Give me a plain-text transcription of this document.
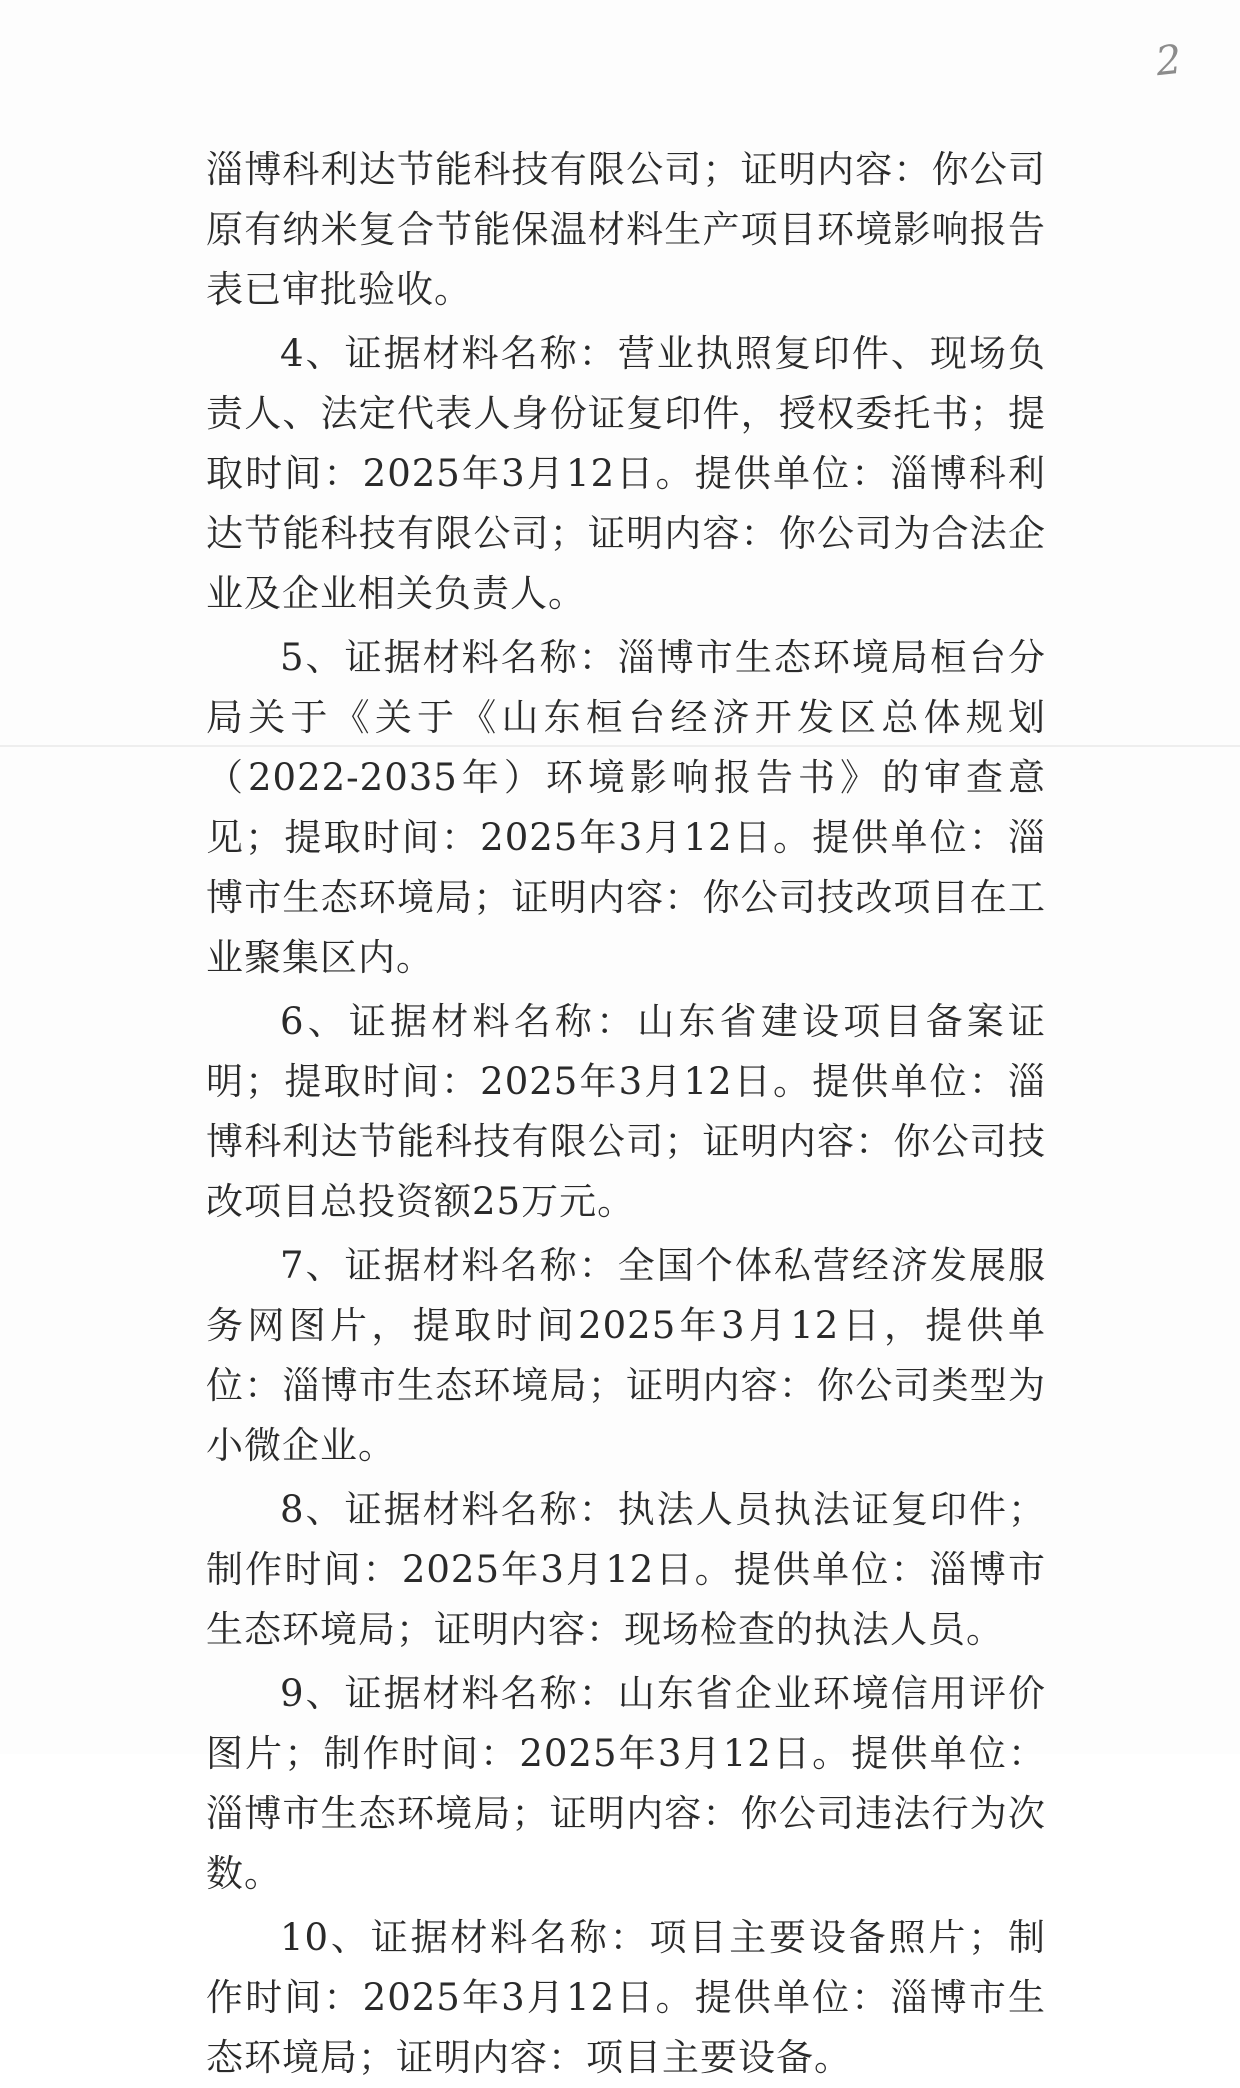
2

淄博科利达节能科技有限公司；证明内容：你公司原有纳米复合节能保温材料生产项目环境影响报告表已审批验收。

4、证据材料名称：营业执照复印件、现场负责人、法定代表人身份证复印件，授权委托书；提取时间：2025年3月12日。提供单位：淄博科利达节能科技有限公司；证明内容：你公司为合法企业及企业相关负责人。

5、证据材料名称：淄博市生态环境局桓台分局关于《关于《山东桓台经济开发区总体规划（2022-2035年）环境影响报告书》的审查意见；提取时间：2025年3月12日。提供单位：淄博市生态环境局；证明内容：你公司技改项目在工业聚集区内。

6、证据材料名称：山东省建设项目备案证明；提取时间：2025年3月12日。提供单位：淄博科利达节能科技有限公司；证明内容：你公司技改项目总投资额25万元。

7、证据材料名称：全国个体私营经济发展服务网图片，提取时间2025年3月12日，提供单位：淄博市生态环境局；证明内容：你公司类型为小微企业。

8、证据材料名称：执法人员执法证复印件；制作时间：2025年3月12日。提供单位：淄博市生态环境局；证明内容：现场检查的执法人员。

9、证据材料名称：山东省企业环境信用评价图片；制作时间：2025年3月12日。提供单位：淄博市生态环境局；证明内容：你公司违法行为次数。

10、证据材料名称：项目主要设备照片；制作时间：2025年3月12日。提供单位：淄博市生态环境局；证明内容：项目主要设备。
